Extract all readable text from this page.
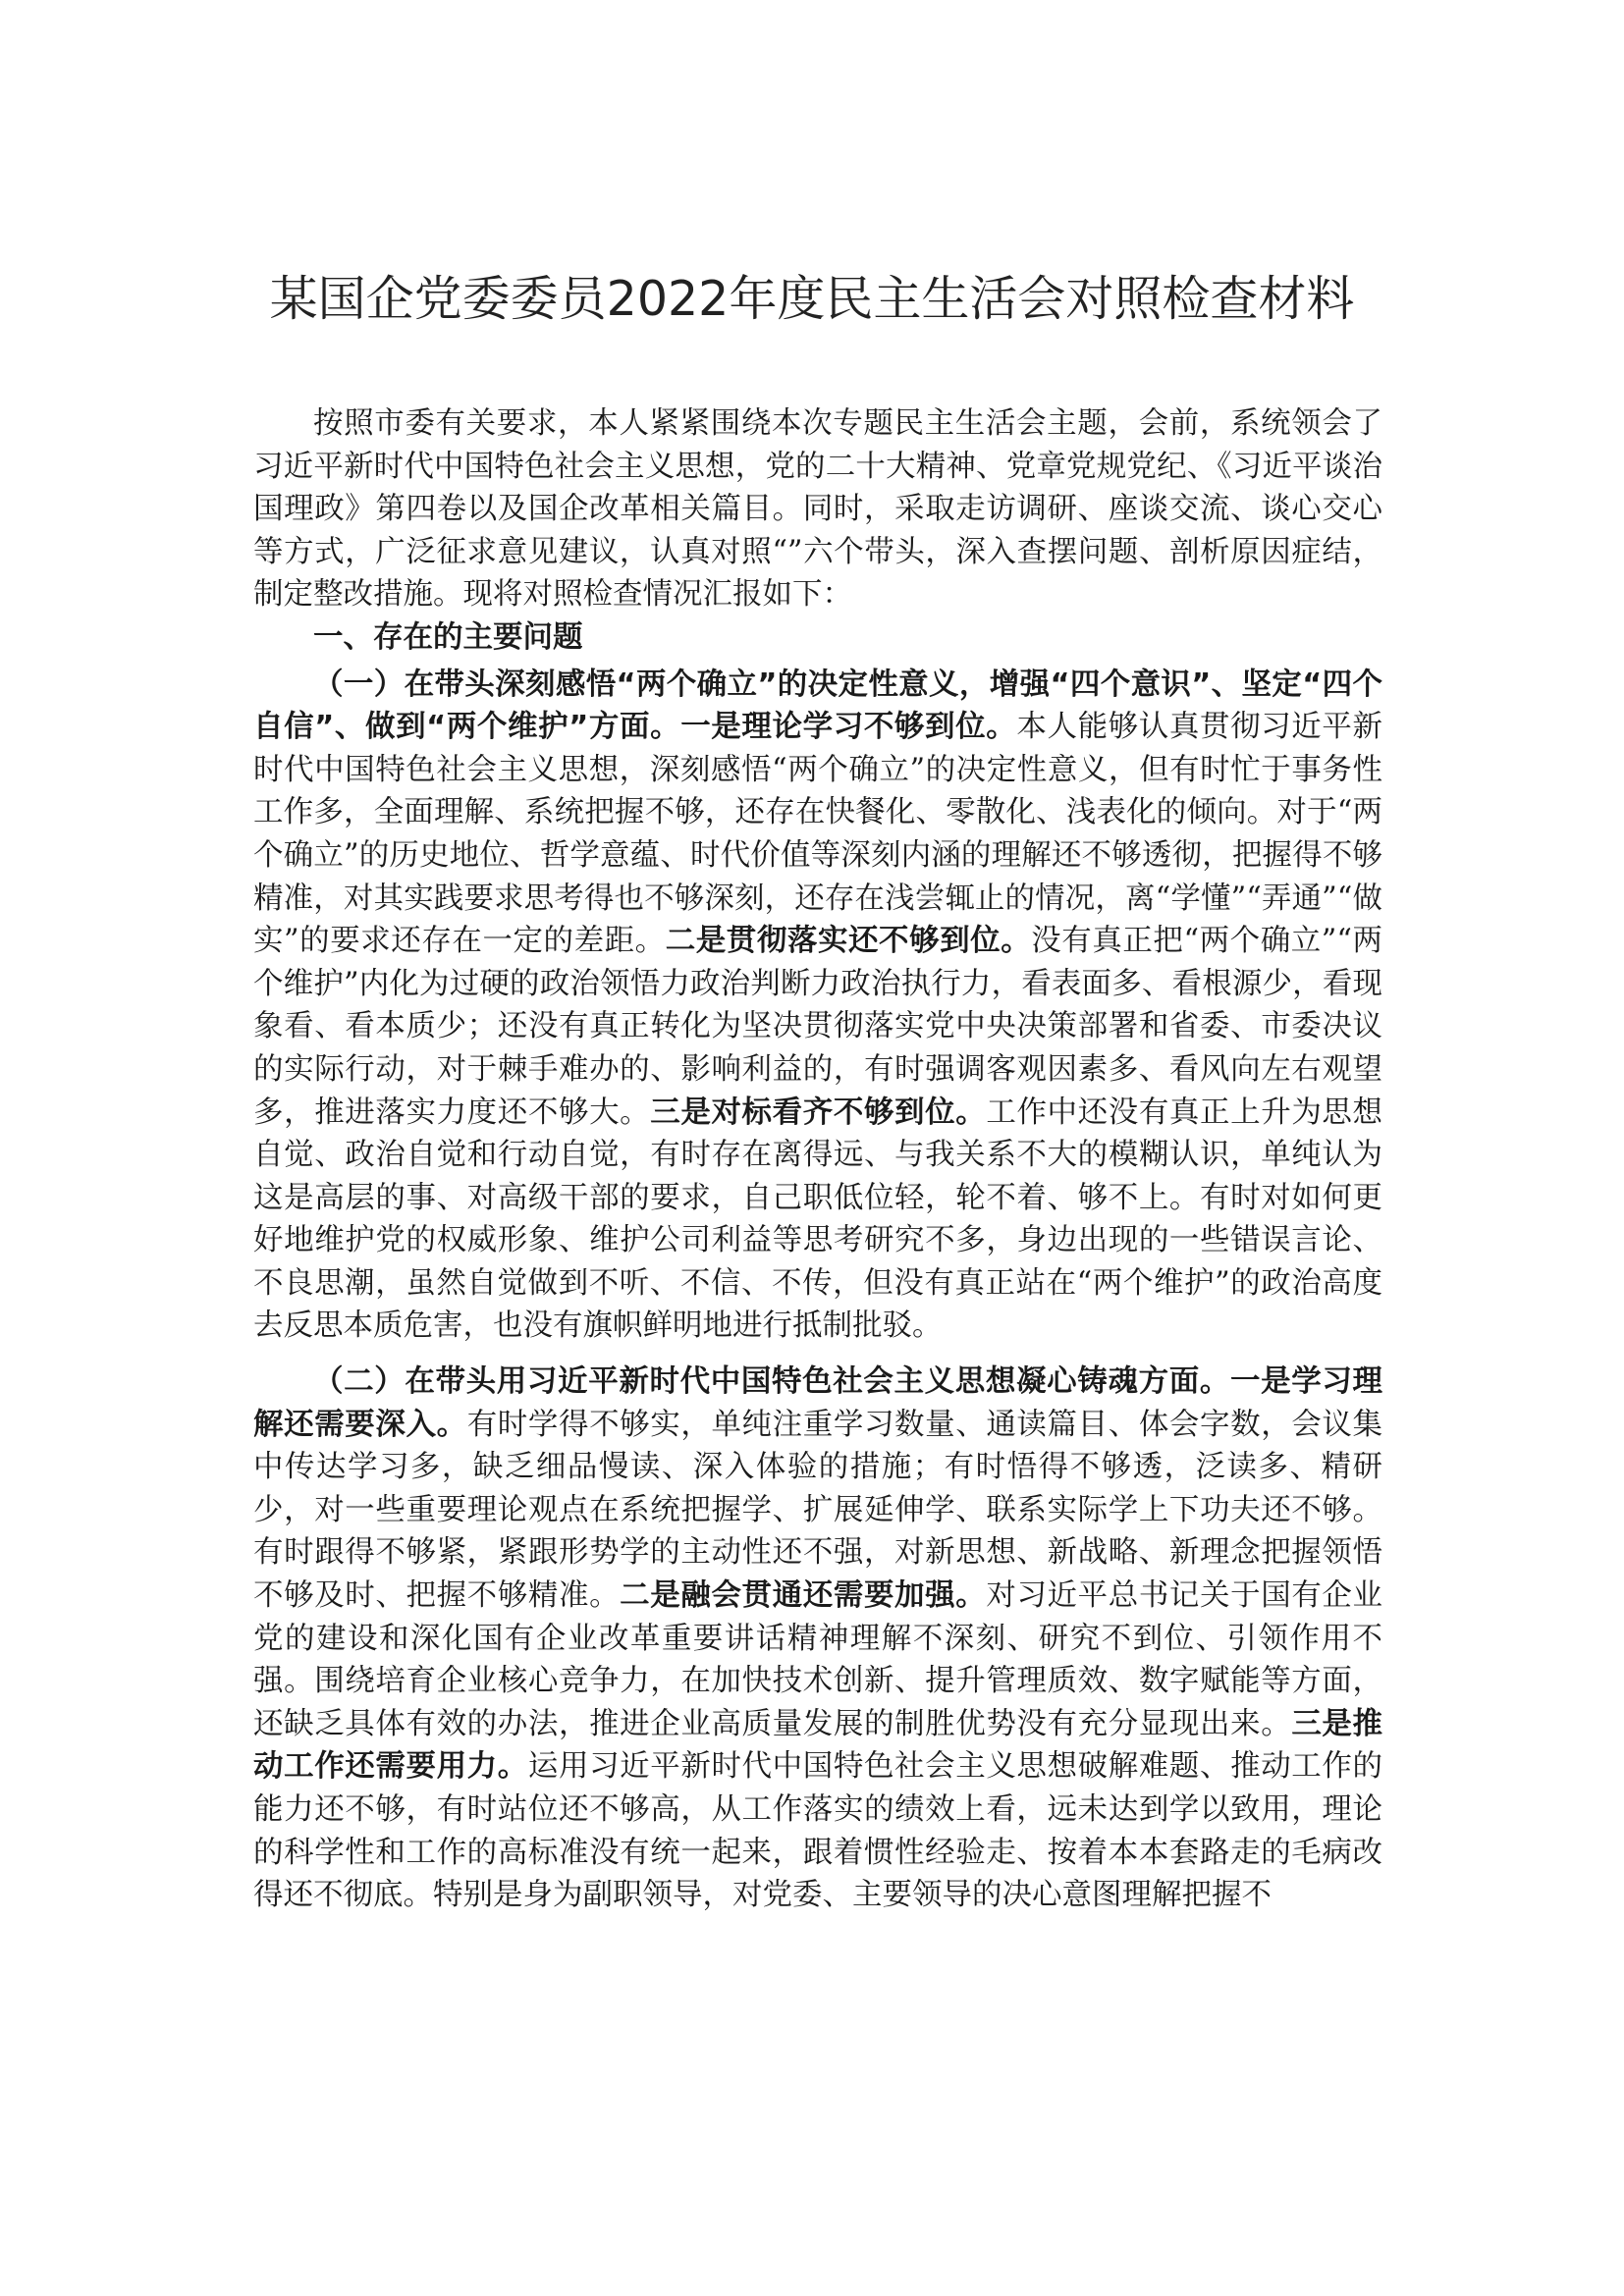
某国企党委委员2022年度民主生活会对照检查材料

按照市委有关要求，本人紧紧围绕本次专题民主生活会主题，会前，系统领会了习近平新时代中国特色社会主义思想，党的二十大精神、党章党规党纪、《习近平谈治国理政》第四卷以及国企改革相关篇目。同时，采取走访调研、座谈交流、谈心交心等方式，广泛征求意见建议，认真对照“”六个带头，深入查摆问题、剖析原因症结，制定整改措施。现将对照检查情况汇报如下：

一、存在的主要问题

（一）在带头深刻感悟“两个确立”的决定性意义，增强“四个意识”、坚定“四个自信”、做到“两个维护”方面。一是理论学习不够到位。本人能够认真贯彻习近平新时代中国特色社会主义思想，深刻感悟“两个确立”的决定性意义，但有时忙于事务性工作多，全面理解、系统把握不够，还存在快餐化、零散化、浅表化的倾向。对于“两个确立”的历史地位、哲学意蕴、时代价值等深刻内涵的理解还不够透彻，把握得不够精准，对其实践要求思考得也不够深刻，还存在浅尝辄止的情况，离“学懂”“弄通”“做实”的要求还存在一定的差距。二是贯彻落实还不够到位。没有真正把“两个确立”“两个维护”内化为过硬的政治领悟力政治判断力政治执行力，看表面多、看根源少，看现象看、看本质少；还没有真正转化为坚决贯彻落实党中央决策部署和省委、市委决议的实际行动，对于棘手难办的、影响利益的，有时强调客观因素多、看风向左右观望多，推进落实力度还不够大。三是对标看齐不够到位。工作中还没有真正上升为思想自觉、政治自觉和行动自觉，有时存在离得远、与我关系不大的模糊认识，单纯认为这是高层的事、对高级干部的要求，自己职低位轻，轮不着、够不上。有时对如何更好地维护党的权威形象、维护公司利益等思考研究不多，身边出现的一些错误言论、不良思潮，虽然自觉做到不听、不信、不传，但没有真正站在“两个维护”的政治高度去反思本质危害，也没有旗帜鲜明地进行抵制批驳。

（二）在带头用习近平新时代中国特色社会主义思想凝心铸魂方面。一是学习理解还需要深入。有时学得不够实，单纯注重学习数量、通读篇目、体会字数，会议集中传达学习多，缺乏细品慢读、深入体验的措施；有时悟得不够透，泛读多、精研少，对一些重要理论观点在系统把握学、扩展延伸学、联系实际学上下功夫还不够。有时跟得不够紧，紧跟形势学的主动性还不强，对新思想、新战略、新理念把握领悟不够及时、把握不够精准。二是融会贯通还需要加强。对习近平总书记关于国有企业党的建设和深化国有企业改革重要讲话精神理解不深刻、研究不到位、引领作用不强。围绕培育企业核心竞争力，在加快技术创新、提升管理质效、数字赋能等方面，还缺乏具体有效的办法，推进企业高质量发展的制胜优势没有充分显现出来。三是推动工作还需要用力。运用习近平新时代中国特色社会主义思想破解难题、推动工作的能力还不够，有时站位还不够高，从工作落实的绩效上看，远未达到学以致用，理论的科学性和工作的高标准没有统一起来，跟着惯性经验走、按着本本套路走的毛病改得还不彻底。特别是身为副职领导，对党委、主要领导的决心意图理解把握不
